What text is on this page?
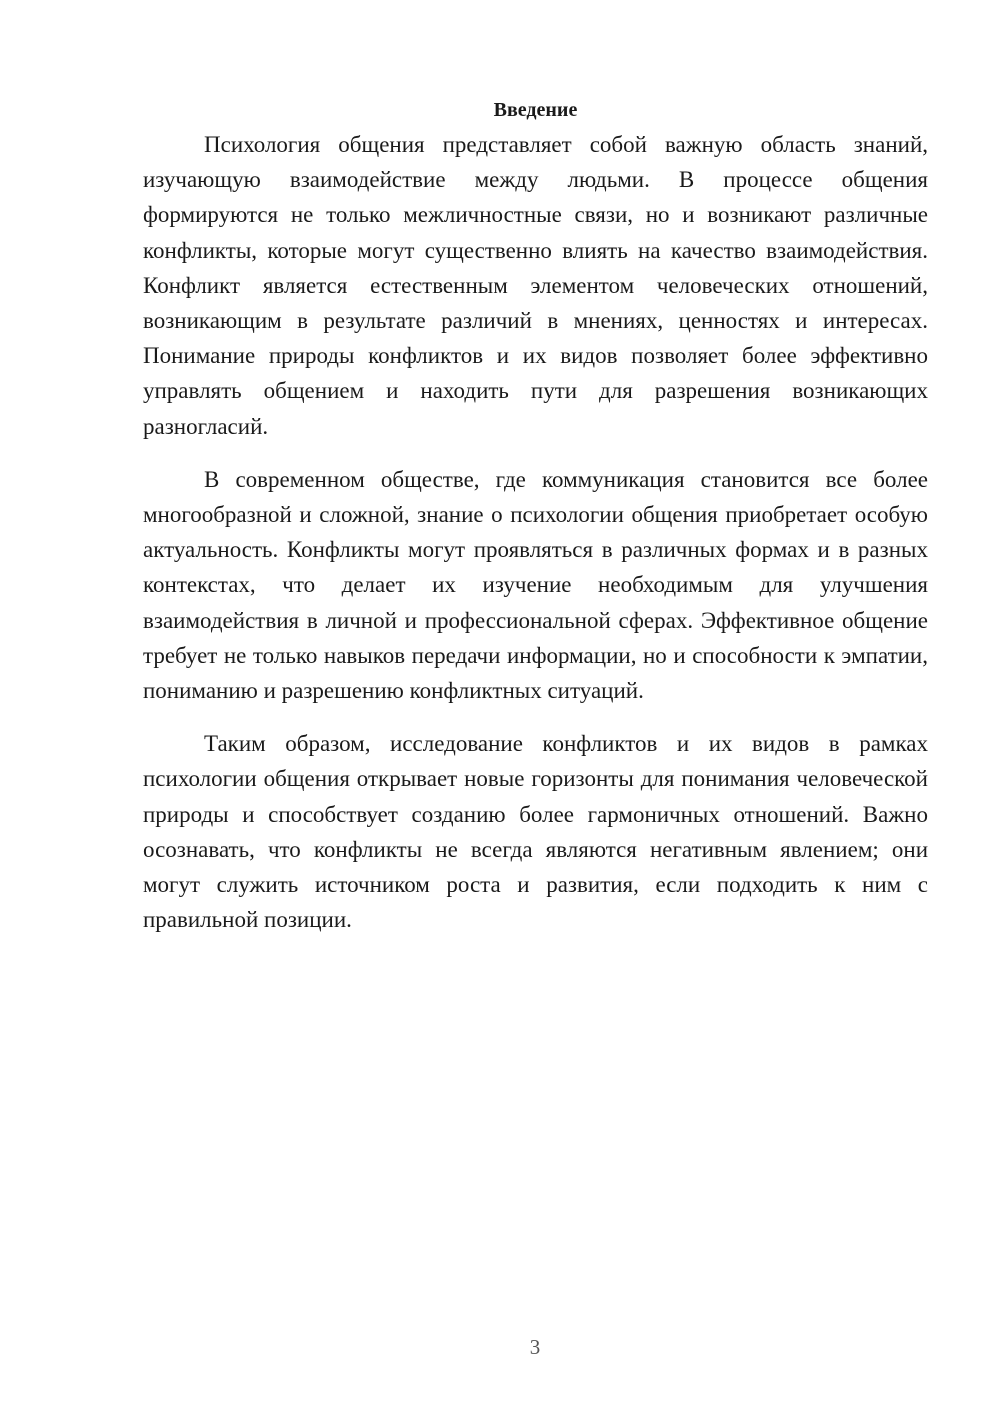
Введение

Психология общения представляет собой важную область знаний, изучающую взаимодействие между людьми. В процессе общения формируются не только межличностные связи, но и возникают различные конфликты, которые могут существенно влиять на качество взаимодействия. Конфликт является естественным элементом человеческих отношений, возникающим в результате различий в мнениях, ценностях и интересах. Понимание природы конфликтов и их видов позволяет более эффективно управлять общением и находить пути для разрешения возникающих разногласий.

В современном обществе, где коммуникация становится все более многообразной и сложной, знание о психологии общения приобретает особую актуальность. Конфликты могут проявляться в различных формах и в разных контекстах, что делает их изучение необходимым для улучшения взаимодействия в личной и профессиональной сферах. Эффективное общение требует не только навыков передачи информации, но и способности к эмпатии, пониманию и разрешению конфликтных ситуаций.

Таким образом, исследование конфликтов и их видов в рамках психологии общения открывает новые горизонты для понимания человеческой природы и способствует созданию более гармоничных отношений. Важно осознавать, что конфликты не всегда являются негативным явлением; они могут служить источником роста и развития, если подходить к ним с правильной позиции.

3
